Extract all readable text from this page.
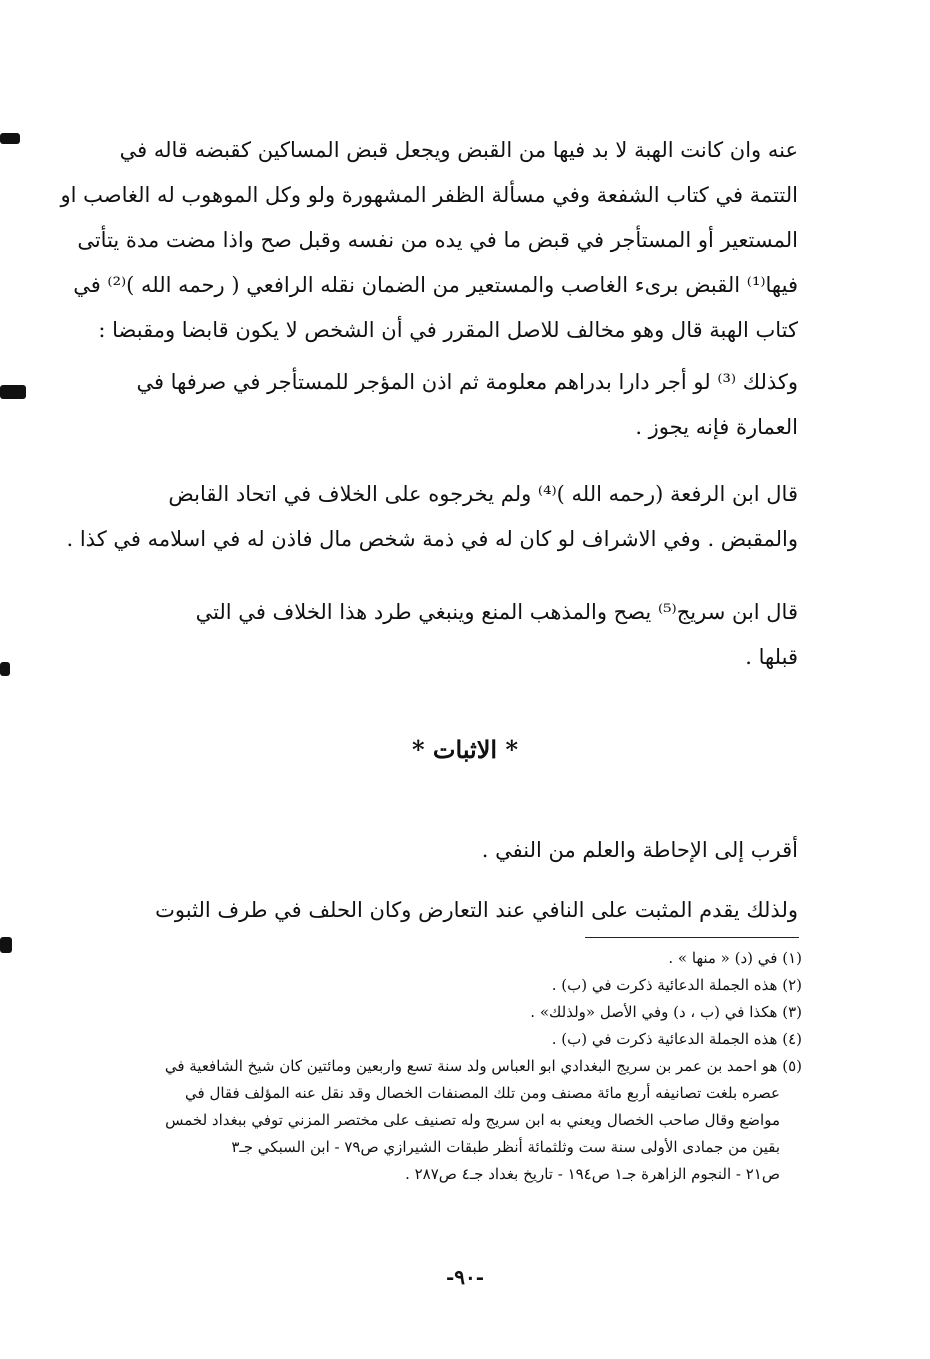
عنه وان كانت الهبة لا بد فيها من القبض ويجعل قبض المساكين كقبضه قاله في
التتمة في كتاب الشفعة وفي مسألة الظفر المشهورة ولو وكل الموهوب له الغاصب او
المستعير أو المستأجر في قبض ما في يده من نفسه وقبل صح واذا مضت مدة يتأتى
فيها⁽¹⁾ القبض برىء الغاصب والمستعير من الضمان نقله الرافعي ( رحمه الله )⁽²⁾ في
كتاب الهبة قال وهو مخالف للاصل المقرر في أن الشخص لا يكون قابضا ومقبضا :

وكذلك ⁽³⁾ لو أجر دارا بدراهم معلومة ثم اذن المؤجر للمستأجر في صرفها في
العمارة فإنه يجوز .

قال ابن الرفعة (رحمه الله )⁽⁴⁾ ولم يخرجوه على الخلاف في اتحاد القابض
والمقبض . وفي الاشراف لو كان له في ذمة شخص مال فاذن له في اسلامه في كذا .

قال ابن سريج⁽⁵⁾ يصح والمذهب المنع وينبغي طرد هذا الخلاف في التي
قبلها .

* الاثبات *

أقرب إلى الإحاطة والعلم من النفي .
ولذلك يقدم المثبت على النافي عند التعارض وكان الحلف في طرف الثبوت

(١) في (د) « منها » .
(٢) هذه الجملة الدعائية ذكرت في (ب) .
(٣) هكذا في (ب ، د) وفي الأصل «ولذلك» .
(٤) هذه الجملة الدعائية ذكرت في (ب) .
(٥) هو احمد بن عمر بن سريج البغدادي ابو العباس ولد سنة تسع واربعين ومائتين كان شيخ الشافعية في
عصره بلغت تصانيفه أربع مائة مصنف ومن تلك المصنفات الخصال وقد نقل عنه المؤلف فقال في
مواضع وقال صاحب الخصال ويعني به ابن سريج وله تصنيف على مختصر المزني توفي ببغداد لخمس
بقين من جمادى الأولى سنة ست وثلثمائة أنظر طبقات الشيرازي ص٧٩ - ابن السبكي جـ٣
ص٢١ - النجوم الزاهرة جـ١ ص١٩٤ - تاريخ بغداد جـ٤ ص٢٨٧ .
-٩٠-
